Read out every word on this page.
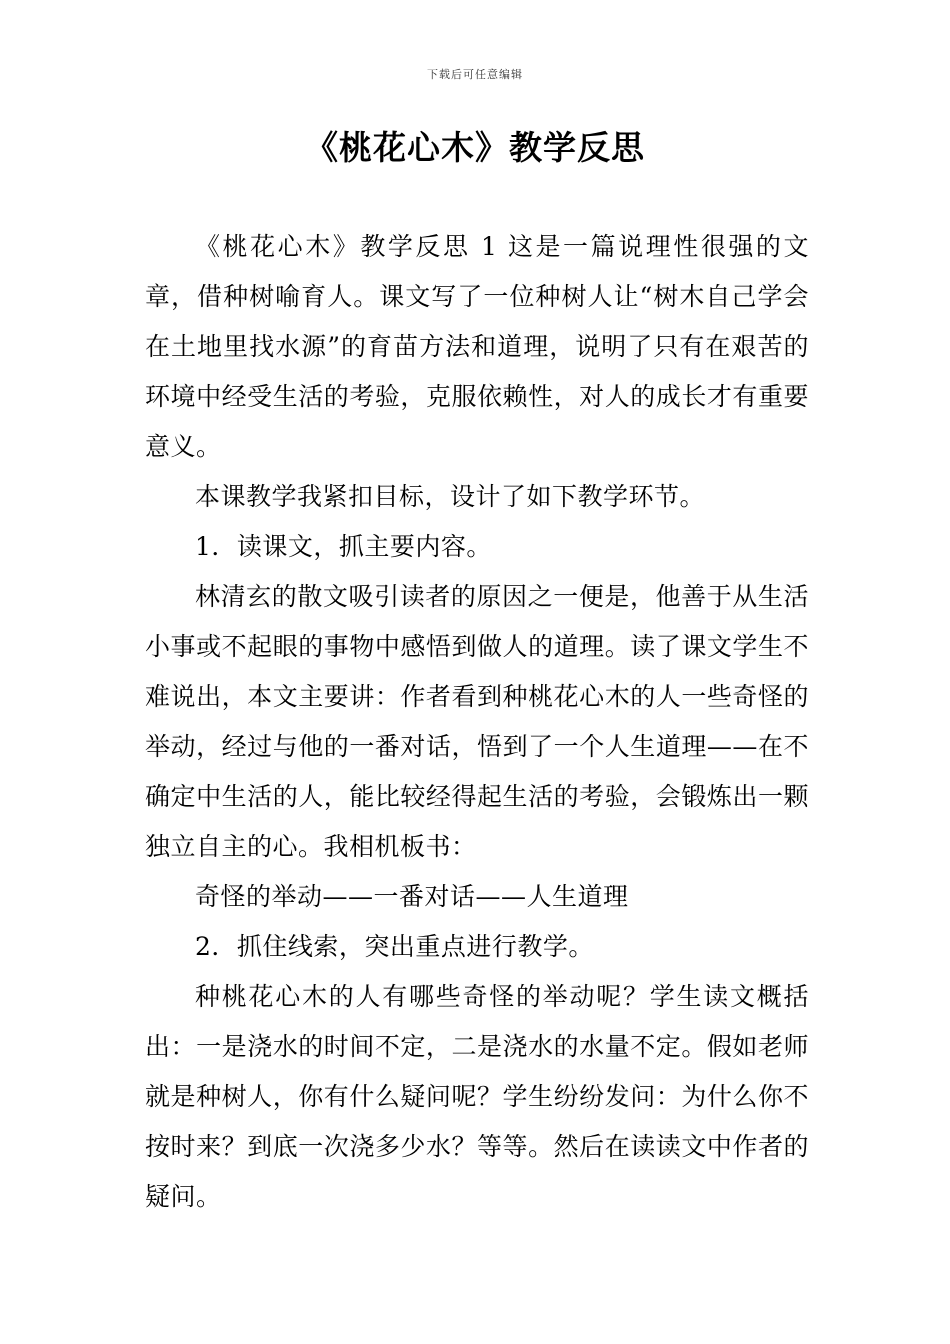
下载后可任意编辑
《桃花心木》教学反思

《桃花心木》教学反思 1 这是一篇说理性很强的文章，借种树喻育人。课文写了一位种树人让“树木自己学会在土地里找水源”的育苗方法和道理，说明了只有在艰苦的环境中经受生活的考验，克服依赖性，对人的成长才有重要意义。

本课教学我紧扣目标，设计了如下教学环节。

1．读课文，抓主要内容。

林清玄的散文吸引读者的原因之一便是，他善于从生活小事或不起眼的事物中感悟到做人的道理。读了课文学生不难说出，本文主要讲：作者看到种桃花心木的人一些奇怪的举动，经过与他的一番对话，悟到了一个人生道理——在不确定中生活的人，能比较经得起生活的考验，会锻炼出一颗独立自主的心。我相机板书：

奇怪的举动——一番对话——人生道理

2．抓住线索，突出重点进行教学。

种桃花心木的人有哪些奇怪的举动呢？学生读文概括出：一是浇水的时间不定，二是浇水的水量不定。假如老师就是种树人，你有什么疑问呢？学生纷纷发问：为什么你不按时来？到底一次浇多少水？等等。然后在读读文中作者的疑问。
